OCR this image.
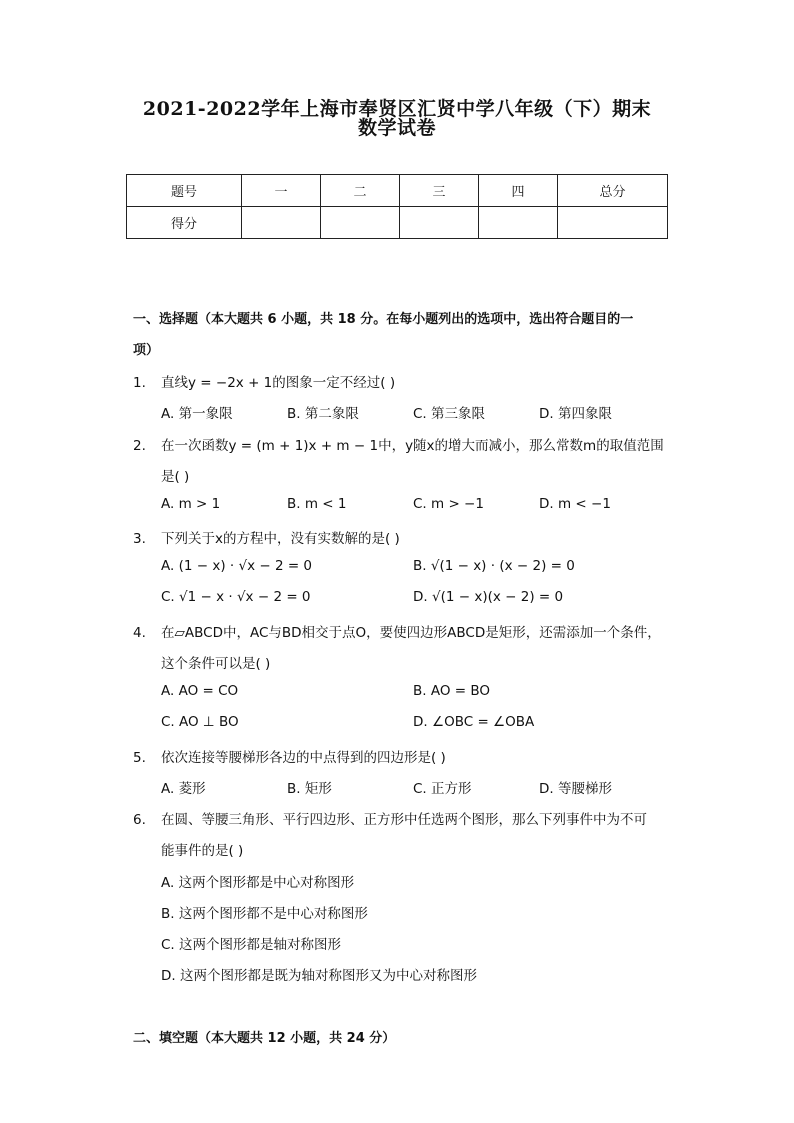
2021-2022学年上海市奉贤区汇贤中学八年级（下）期末
数学试卷
题号	一	二	三	四	总分
得分					
一、选择题（本大题共 6 小题，共 18 分。在每小题列出的选项中，选出符合题目的一
项）
1. 直线y = −2x + 1的图象一定不经过( )
A. 第一象限	B. 第二象限	C. 第三象限	D. 第四象限
2. 在一次函数y = (m + 1)x + m − 1中，y随x的增大而减小，那么常数m的取值范围
是( )
A. m > 1	B. m < 1	C. m > −1	D. m < −1
3. 下列关于x的方程中，没有实数解的是( )
A. (1 − x) · √x − 2 = 0	B. √(1 − x) · (x − 2) = 0
C. √1 − x · √x − 2 = 0	D. √(1 − x)(x − 2) = 0
4. 在▱ABCD中，AC与BD相交于点O，要使四边形ABCD是矩形，还需添加一个条件，
这个条件可以是( )
A. AO = CO	B. AO = BO
C. AO ⊥ BO	D. ∠OBC = ∠OBA
5. 依次连接等腰梯形各边的中点得到的四边形是( )
A. 菱形	B. 矩形	C. 正方形	D. 等腰梯形
6. 在圆、等腰三角形、平行四边形、正方形中任选两个图形，那么下列事件中为不可
能事件的是( )
A. 这两个图形都是中心对称图形
B. 这两个图形都不是中心对称图形
C. 这两个图形都是轴对称图形
D. 这两个图形都是既为轴对称图形又为中心对称图形
二、填空题（本大题共 12 小题，共 24 分）
